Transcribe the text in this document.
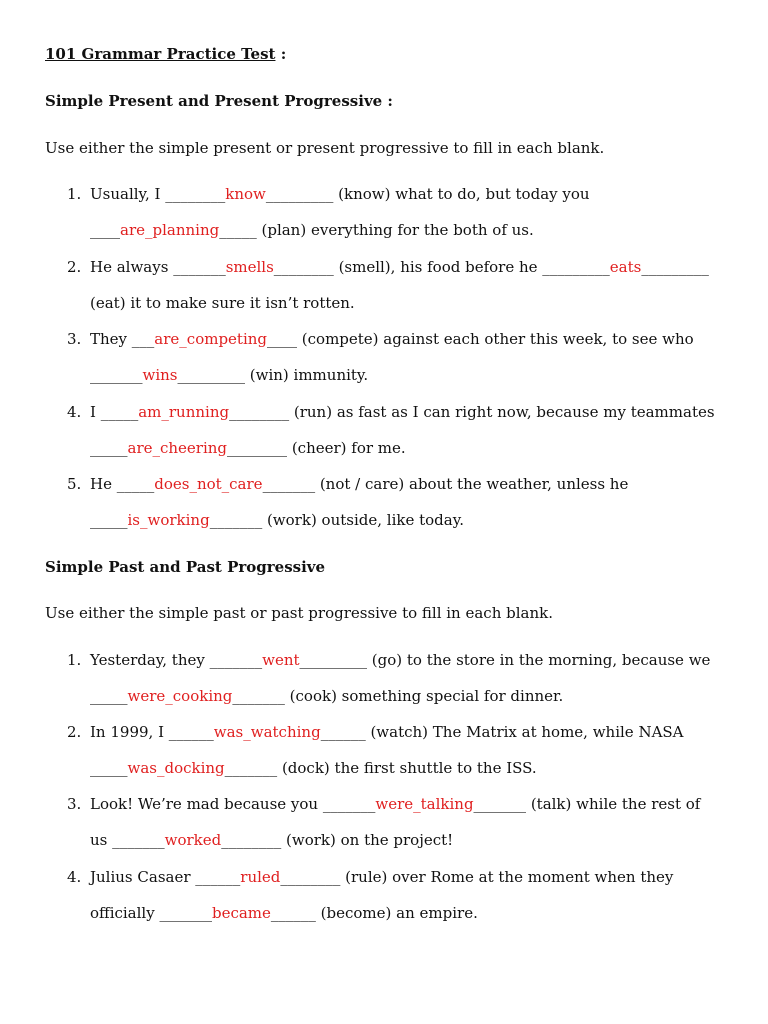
101 Grammar Practice Test :
Simple Present and Present Progressive :
Use either the simple present or present progressive to fill in each blank.
1. Usually, I ________know_________ (know) what to do, but today you
____are_planning_____ (plan) everything for the both of us.
2. He always _______smells________ (smell), his food before he _________eats_________
(eat) it to make sure it isn’t rotten.
3. They ___are_competing____ (compete) against each other this week, to see who
_______wins_________ (win) immunity.
4. I _____am_running________ (run) as fast as I can right now, because my teammates
_____are_cheering________ (cheer) for me.
5. He _____does_not_care_______ (not / care) about the weather, unless he
_____is_working_______ (work) outside, like today.
Simple Past and Past Progressive
Use either the simple past or past progressive to fill in each blank.
1. Yesterday, they _______went_________ (go) to the store in the morning, because we
_____were_cooking_______ (cook) something special for dinner.
2. In 1999, I ______was_watching______ (watch) The Matrix at home, while NASA
_____was_docking_______ (dock) the first shuttle to the ISS.
3. Look! We’re mad because you _______were_talking_______ (talk) while the rest of
us _______worked________ (work) on the project!
4. Julius Casaer ______ruled________ (rule) over Rome at the moment when they
officially _______became______ (become) an empire.
